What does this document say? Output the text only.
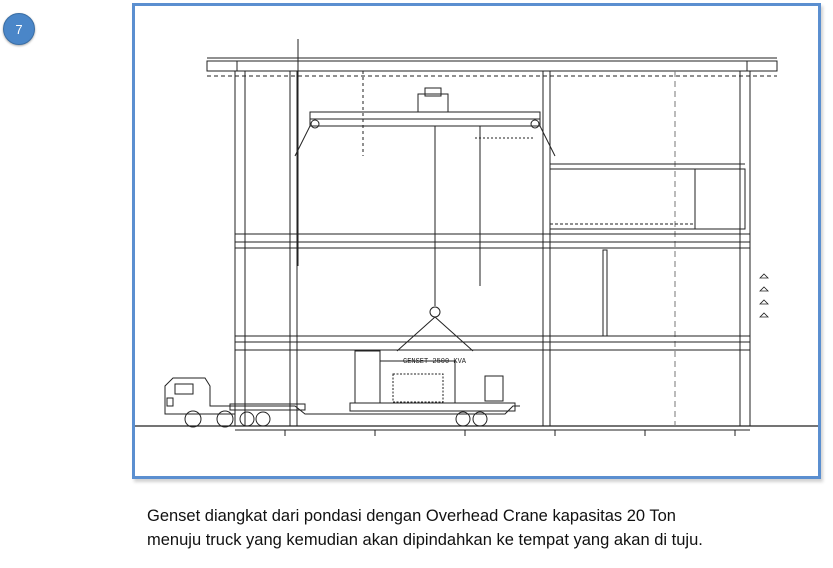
7
GENSET 2500 KVA
Genset diangkat dari pondasi dengan Overhead Crane kapasitas 20 Ton
menuju truck yang kemudian akan dipindahkan ke tempat yang akan di tuju.
